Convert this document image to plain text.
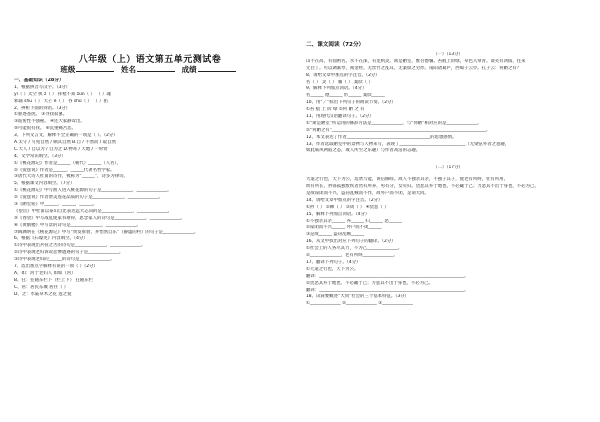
八年级（上）语文第五单元测试卷
班级	姓名	成绩
一、基础知识（28分）
1、根据拼音写汉字。（3分）
yí（ ）太空 执 z（ ） 挥枪不知 zùn（ ） （ ）魂
邪辅 shū（ ） 天芒 è（ ） 谷 shǔ（ ） （ ）佑
2、辨析下面的词语。（3分）
①驱逐苍虎。 ③寻找寂寥。
③诡密性不强秘。 ④还大家静耸出。
⑤可能很有我。 ⑥沉重痛苦悲。
3、下列文言文，解释不全正确的一项是（ ）。（2分）
A.太守 / 写苑自然 / 顺其自然 B.自 / 不然而 / 取自然
C.大人 / 自以为 / 自为之 D.物寄 / 天地 / 一时贤
4、文学常识填空。（3分）
①《桃花源记》作者是______（朝代）______（人名），
②《爱莲说》作者是______，______代著名哲学家。
③唐代大诗人杜甫的诗作，被称为“______”，诗多为律诗。
5、根据课文内容填空。（7分）
①《桃花源记》中写渔人进入桃花源的句子是______________，______________。
②《爱莲说》作者赞美莲花品质的句子是______________，______________。
③《陋室铭》中______，______，______。
《望岳》中杜甫以泰山自比表达远大志向的是______________，______________。
⑤《春望》中写战乱使家书难得，思念家人的诗句是______________，______________。
⑥《黄鹤楼》中写景的诗句是______________，______________。
⑦陶渊明在《桃花源记》中写“黄发垂髫，并怡然自乐”（静谧的村）的句子是______________。
6、根据《石壕吏》内容填空。（4分）
①诗中表现出兵役之苦的诗句是______________，______________。
②诗中表现老妇诉说悲惨遭遇的句子是______________。
③诗中表现老妇的______的诗句是______________。
7、选出加点字解释有误的一项（ ）（2分）
A、如：河于老妇人 如如（河）
B、狂：狂随东栏下（栏上下） 狂随东栏
C、居：居民东城 居住（ ）
D、之：水陆草木之花 莲之爱
二、课文阅读（72分）
（一）（13分）
山不在高，有仙则名。水不在深，有龙则灵。斯是陋室，惟吾德馨。苔痕上阶绿，草色入帘青。谈笑有鸿儒，往来
无白丁。可以调素琴，阅金经。无丝竹之乱耳，无案牍之劳形。南阳诸葛庐，西蜀子云亭。孔子云：何陋之有？
8、请给文章中加点的字注音。（2分）
名（ ） 灵（ ） 馨（ ） 案牍（ ）
9、解释下列加点词语。（4分）
名______ 德______ 形______ 案牍______
10、用“／”标出下列句子的朗读节奏。（2分）
①苔 痕 上 阶 绿 ②何 陋 之 有
11、用现代汉语翻译句子。（2分）
①“斯是陋室”所运用的修辞方法是______________，与“何陋”相对应的是______________。
②“何陋之有”______________________________________________________________________。
12、本文表达了作者______________________________________的思想感情。
13、作者选取陋室中的景物与人物来写，表现了______________________________（无梁弦外者之意趣，
如此威风两陷之态，或人所至之乐趣）与作者高洁的志趣。
（二）（17分）
大道之行也，天下为公，选贤与能，讲信修睦。故人不独亲其亲，不独子其子，使老有所终，壮有所用，
幼有所长，矜寡孤独废疾者皆有所养，男有分，女有归。货恶其弃于地也，不必藏于己；力恶其不出于身也，不必为己。
是故谋闭而不兴，盗窃乱贼而不作，故外户而不闭，是谓大同。
14、请给文章中加点的字注音。（2分）
①矜（ ） ②鳏（ ） ③闭（ ） ④货恶（ ）
15、解释下列加点词语。（4分）
①不独亲其亲______ 养______ 归______ 恶______
②谋闭而不兴______ 外户而不闭______
③是故______ 盗窃乱贼______
16、从文中找出对应下列句子的翻译。（2分）
①社会上的人各尽其力，不为己______________。
②______________，老有所终______________。
17、翻译下列句子。（4分）
①大道之行也，天下为公。
翻译：__________________________________________________________________。
②货恶其弃于地也，不必藏于己；力恶其不出于身也，不必为己。
翻译：__________________________________________________________________。
18、试简要概述“大同”社会的三个基本特征。（3分）
①______________ ②______________ ③______________
